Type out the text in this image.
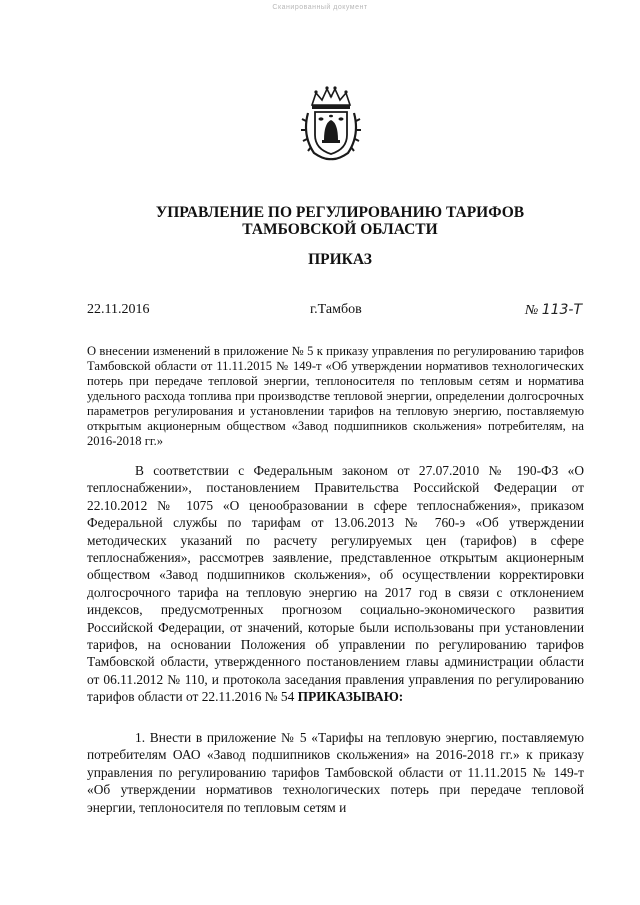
Сканированный документ
УПРАВЛЕНИЕ ПО РЕГУЛИРОВАНИЮ ТАРИФОВ
ТАМБОВСКОЙ ОБЛАСТИ
ПРИКАЗ
22.11.2016	г.Тамбов	№ 113-Т
О внесении изменений в приложение № 5 к приказу управления по регулированию тарифов Тамбовской области от 11.11.2015 № 149-т «Об утверждении нормативов технологических потерь при передаче тепловой энергии, теплоносителя по тепловым сетям и норматива удельного расхода топлива при производстве тепловой энергии, определении долгосрочных параметров регулирования и установлении тарифов на тепловую энергию, поставляемую открытым акционерным обществом «Завод подшипников скольжения» потребителям, на 2016-2018 гг.»

В соответствии с Федеральным законом от 27.07.2010 № 190-ФЗ «О теплоснабжении», постановлением Правительства Российской Федерации от 22.10.2012 № 1075 «О ценообразовании в сфере теплоснабжения», приказом Федеральной службы по тарифам от 13.06.2013 № 760-э «Об утверждении методических указаний по расчету регулируемых цен (тарифов) в сфере теплоснабжения», рассмотрев заявление, представленное открытым акционерным обществом «Завод подшипников скольжения», об осуществлении корректировки долгосрочного тарифа на тепловую энергию на 2017 год в связи с отклонением индексов, предусмотренных прогнозом социально-экономического развития Российской Федерации, от значений, которые были использованы при установлении тарифов, на основании Положения об управлении по регулированию тарифов Тамбовской области, утвержденного постановлением главы администрации области от 06.11.2012 № 110, и протокола заседания правления управления по регулированию тарифов области от 22.11.2016 № 54 ПРИКАЗЫВАЮ:

1. Внести в приложение № 5 «Тарифы на тепловую энергию, поставляемую потребителям ОАО «Завод подшипников скольжения» на 2016-2018 гг.» к приказу управления по регулированию тарифов Тамбовской области от 11.11.2015 № 149-т «Об утверждении нормативов технологических потерь при передаче тепловой энергии, теплоносителя по тепловым сетям и
